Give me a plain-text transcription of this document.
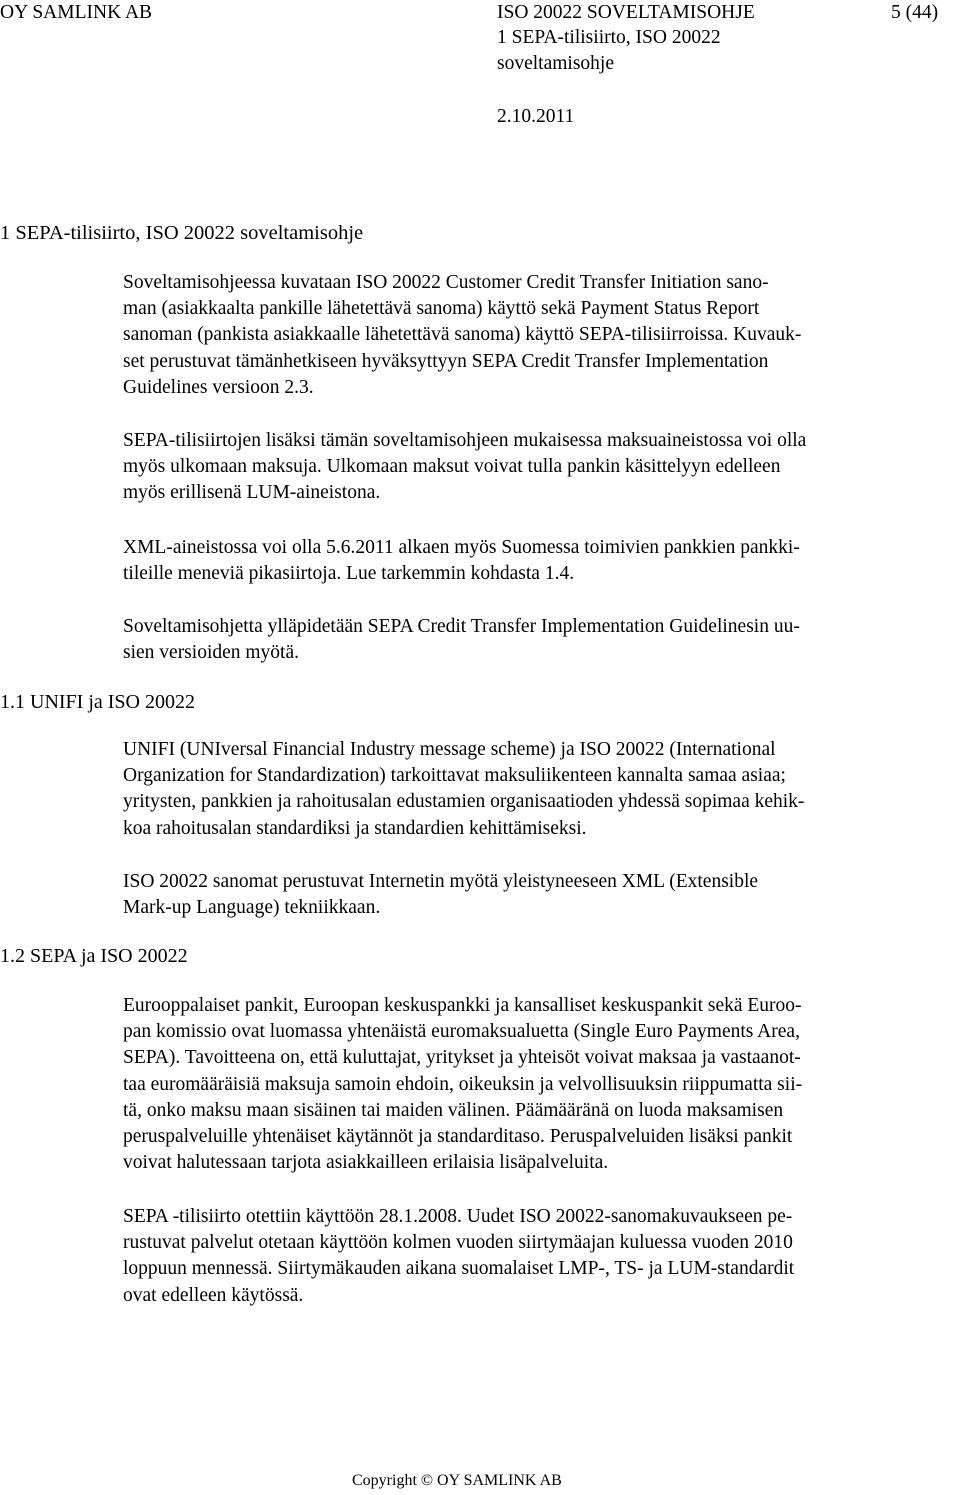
OY SAMLINK AB	ISO 20022 SOVELTAMISOHJE
1 SEPA-tilisiirto, ISO 20022
soveltamisohje
5 (44)
2.10.2011
1 SEPA-tilisiirto, ISO 20022 soveltamisohje
Soveltamisohjeessa kuvataan ISO 20022 Customer Credit Transfer Initiation sano-
man (asiakkaalta pankille lähetettävä sanoma) käyttö sekä Payment Status Report
sanoman (pankista asiakkaalle lähetettävä sanoma) käyttö SEPA-tilisiirroissa. Kuvauk-
set perustuvat tämänhetkiseen hyväksyttyyn SEPA Credit Transfer Implementation
Guidelines versioon 2.3.
SEPA-tilisiirtojen lisäksi tämän soveltamisohjeen mukaisessa maksuaineistossa voi olla
myös ulkomaan maksuja. Ulkomaan maksut voivat tulla pankin käsittelyyn edelleen
myös erillisenä LUM-aineistona.
XML-aineistossa voi olla 5.6.2011 alkaen myös Suomessa toimivien pankkien pankki-
tileille meneviä pikasiirtoja. Lue tarkemmin kohdasta 1.4.
Soveltamisohjetta ylläpidetään SEPA Credit Transfer Implementation Guidelinesin uu-
sien versioiden myötä.
1.1 UNIFI ja ISO 20022
UNIFI (UNIversal Financial Industry message scheme) ja ISO 20022 (International
Organization for Standardization) tarkoittavat maksuliikenteen kannalta samaa asiaa;
yritysten, pankkien ja rahoitusalan edustamien organisaatioden yhdessä sopimaa kehik-
koa rahoitusalan standardiksi ja standardien kehittämiseksi.
ISO 20022 sanomat perustuvat Internetin myötä yleistyneeseen XML (Extensible
Mark-up Language) tekniikkaan.
1.2 SEPA ja ISO 20022
Eurooppalaiset pankit, Euroopan keskuspankki ja kansalliset keskuspankit sekä Euroo-
pan komissio ovat luomassa yhtenäistä euromaksualuetta (Single Euro Payments Area,
SEPA). Tavoitteena on, että kuluttajat, yritykset ja yhteisöt voivat maksaa ja vastaanot-
taa euromääräisiä maksuja samoin ehdoin, oikeuksin ja velvollisuuksin riippumatta sii-
tä, onko maksu maan sisäinen tai maiden välinen. Päämääränä on luoda maksamisen
peruspalveluille yhtenäiset käytännöt ja standarditaso. Peruspalveluiden lisäksi pankit
voivat halutessaan tarjota asiakkailleen erilaisia lisäpalveluita.
SEPA -tilisiirto otettiin käyttöön 28.1.2008. Uudet ISO 20022-sanomakuvaukseen pe-
rustuvat palvelut otetaan käyttöön kolmen vuoden siirtymäajan kuluessa vuoden 2010
loppuun mennessä. Siirtymäkauden aikana suomalaiset LMP-, TS- ja LUM-standardit
ovat edelleen käytössä.
Copyright © OY SAMLINK AB
